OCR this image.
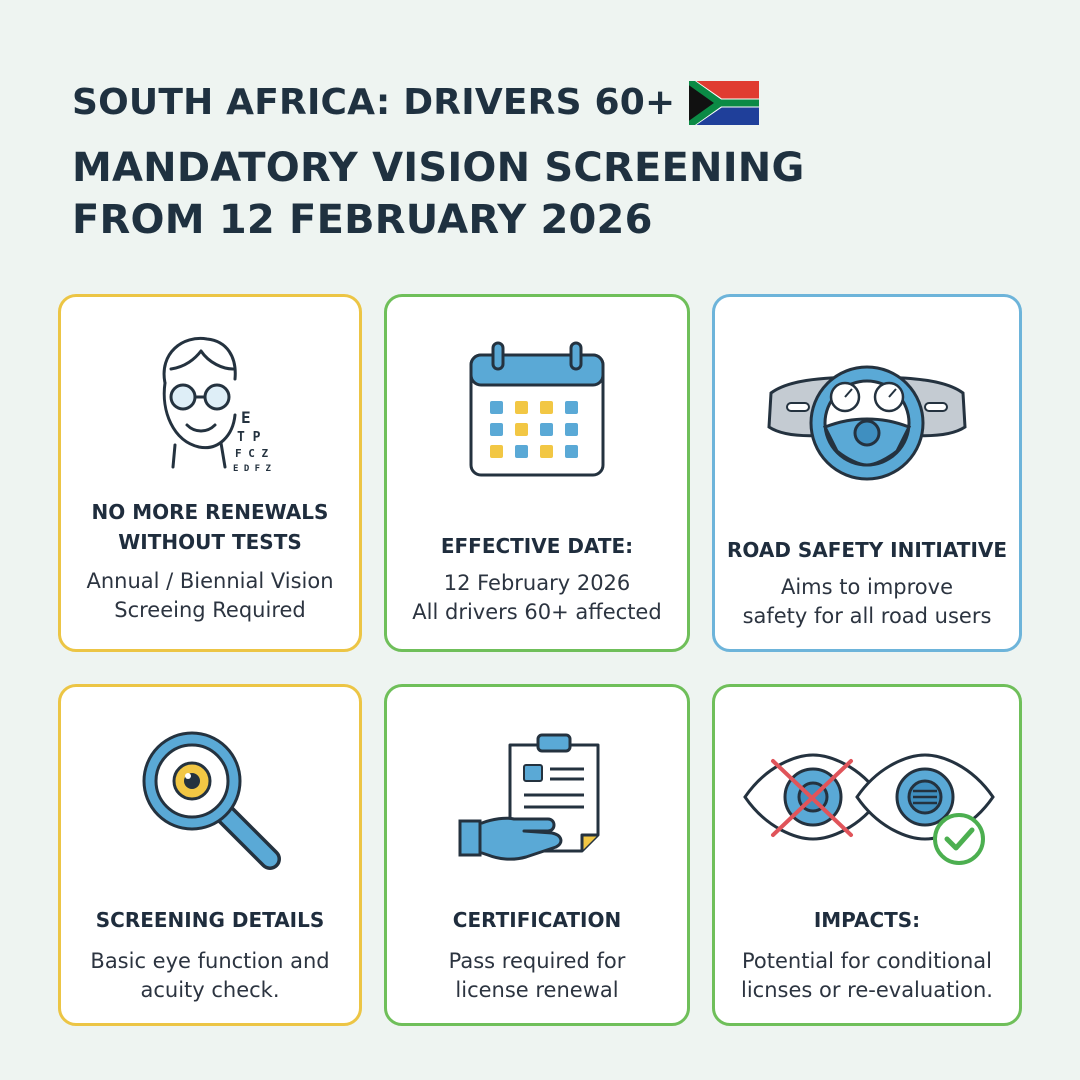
SOUTH AFRICA: DRIVERS 60+
MANDATORY VISION SCREENING
FROM 12 FEBRUARY 2026
E
T P
F C Z
E D F Z
NO MORE RENEWALS
WITHOUT TESTS
Annual / Biennial Vision
Screeing Required
EFFECTIVE DATE:
12 February 2026
All drivers 60+ affected
ROAD SAFETY INITIATIVE
Aims to improve
safety for all road users
SCREENING DETAILS
Basic eye function and
acuity check.
CERTIFICATION
Pass required for
license renewal
IMPACTS:
Potential for conditional
licnses or re-evaluation.
